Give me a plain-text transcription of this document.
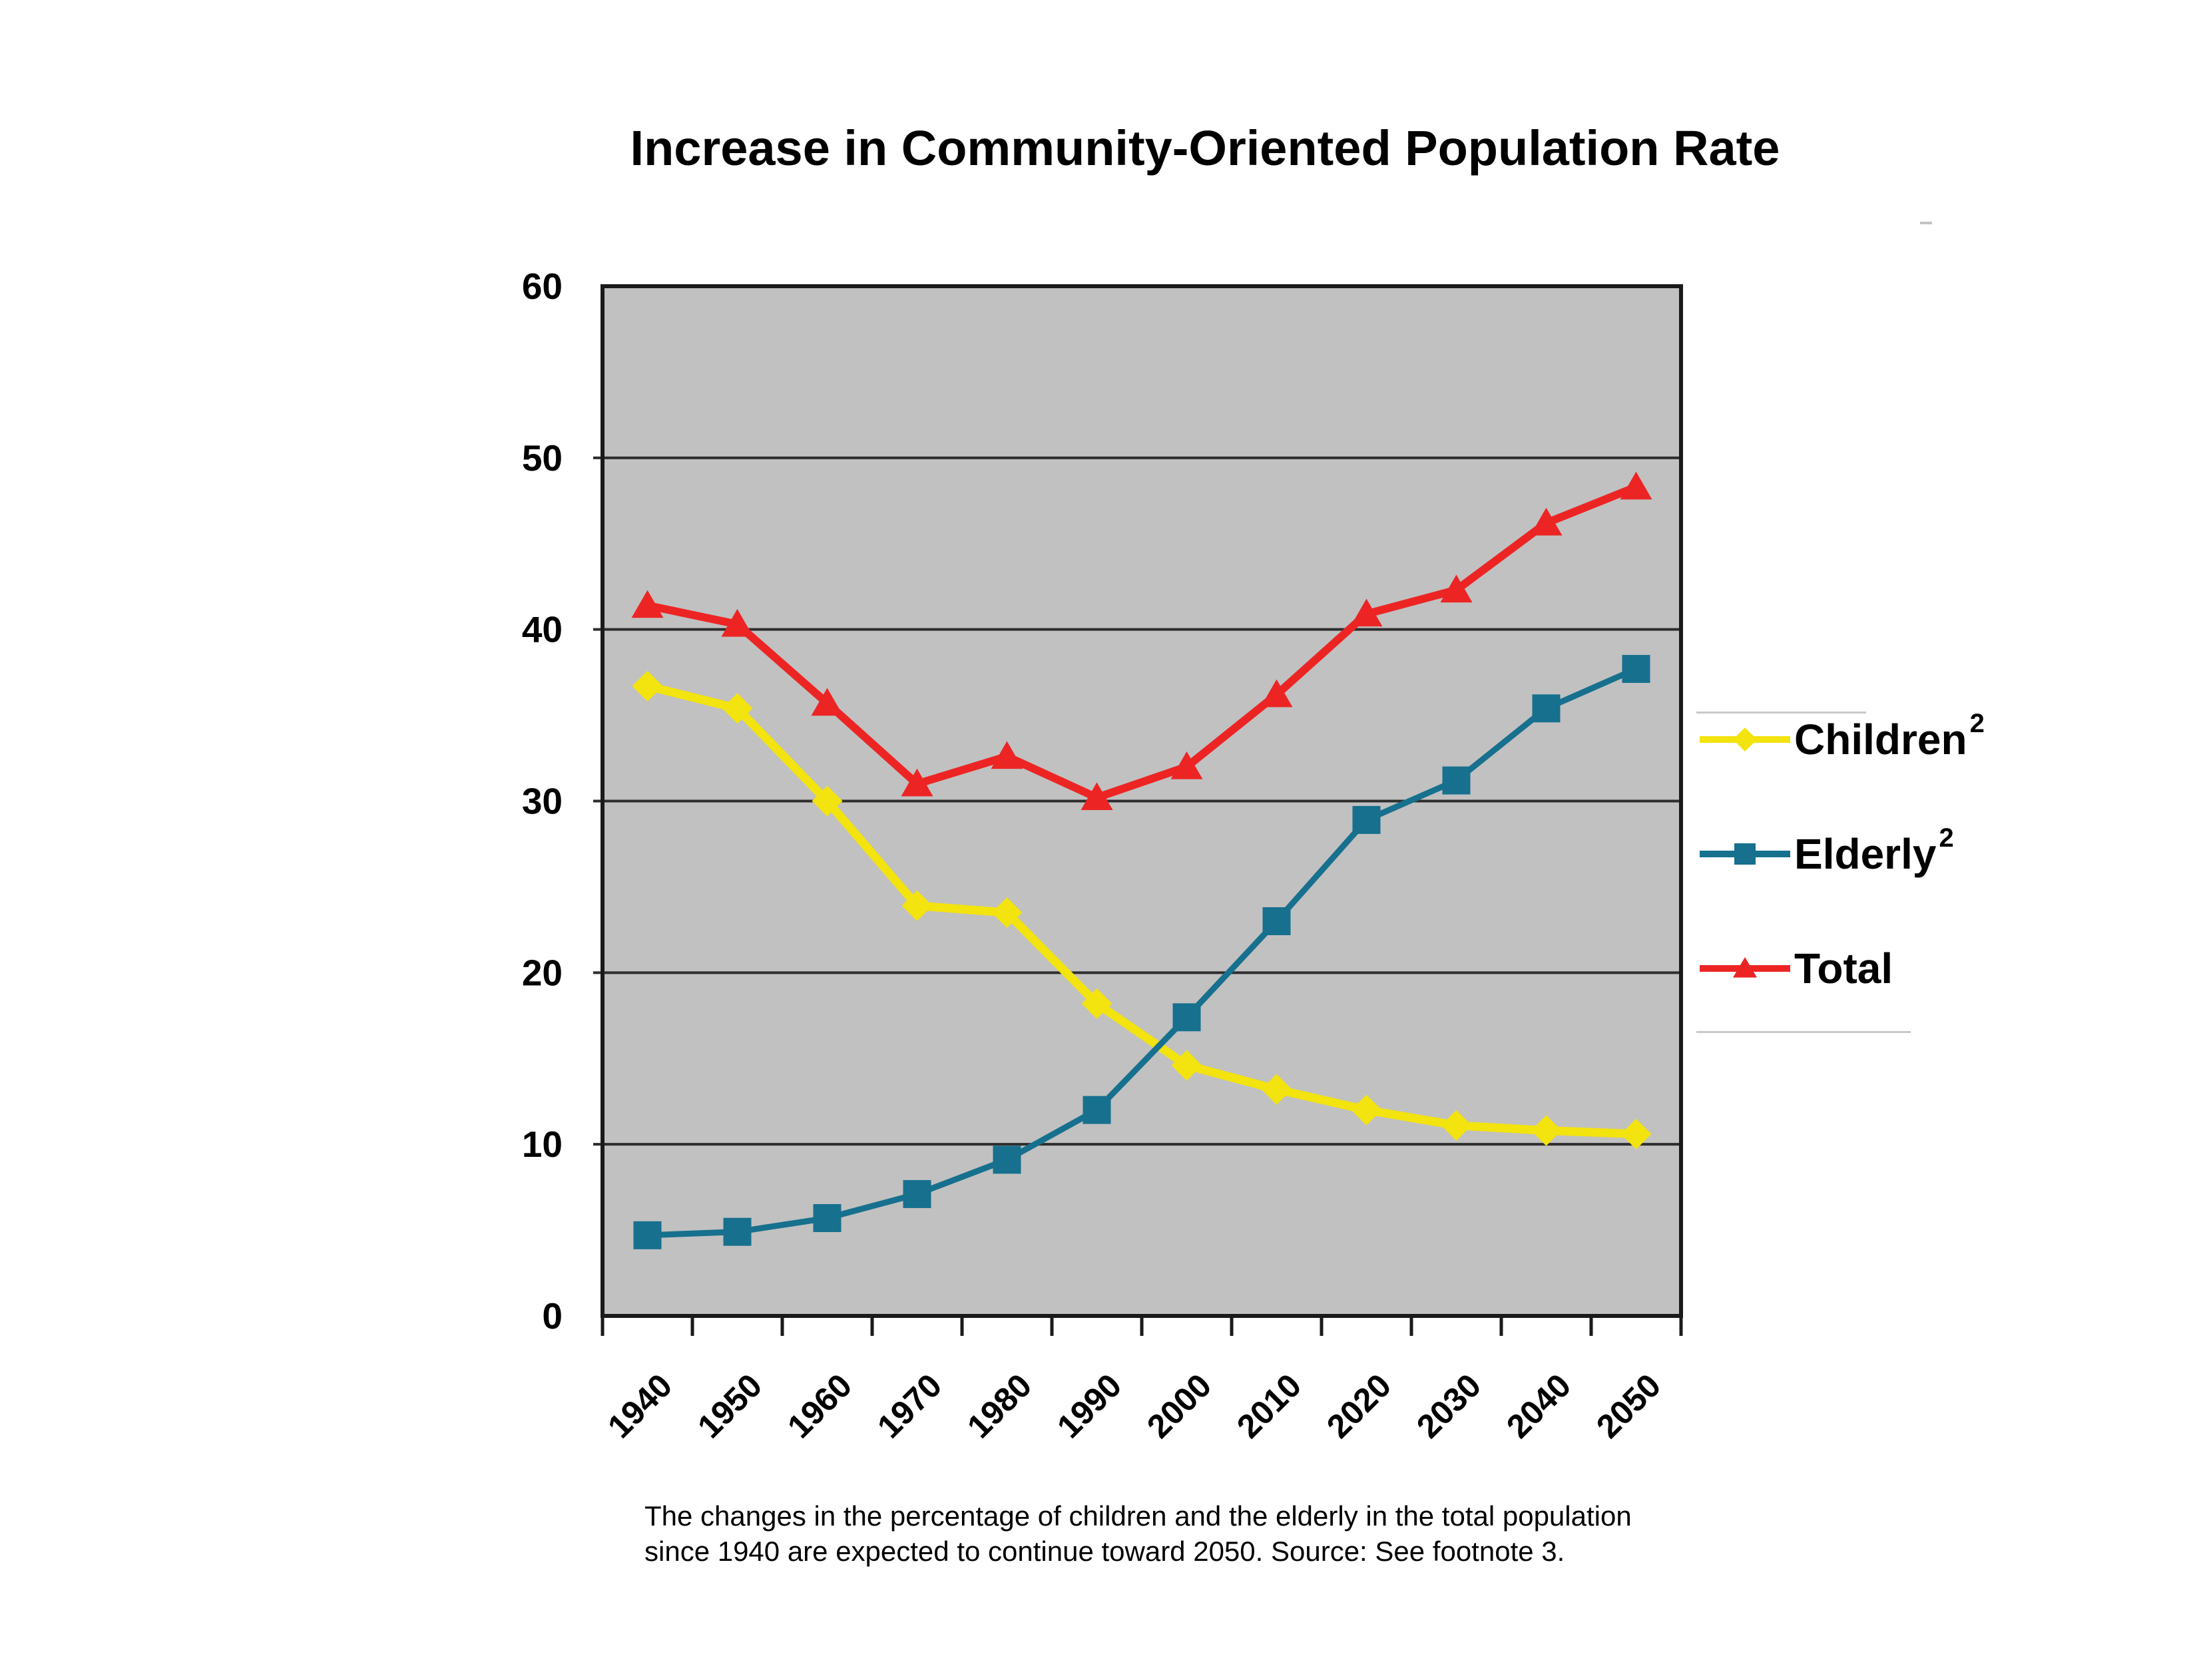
Increase in Community-Oriented Population Rate
0
10
20
30
40
50
60
1940 1950 1960 1970 1980 1990 2000 2010 2020 2030 2040 2050
Children 2
Elderly 2
Total
The changes in the percentage of children and the elderly in the total population since 1940 are expected to continue toward 2050. Source: See footnote 3.
